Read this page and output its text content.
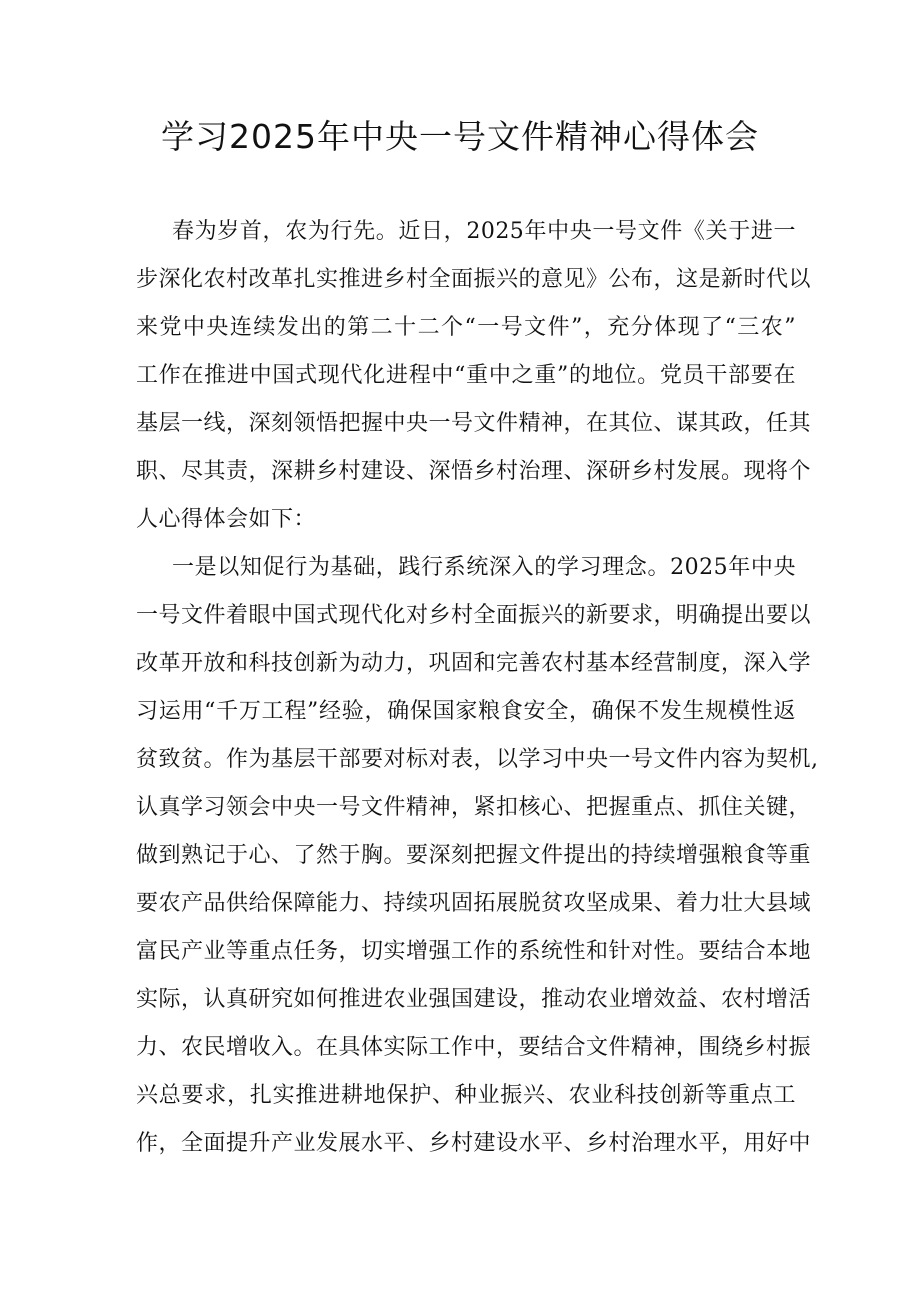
学习2025年中央一号文件精神心得体会
春为岁首，农为行先。近日，2025年中央一号文件《关于进一
步深化农村改革扎实推进乡村全面振兴的意见》公布，这是新时代以
来党中央连续发出的第二十二个“一号文件”，充分体现了“三农”
工作在推进中国式现代化进程中“重中之重”的地位。党员干部要在
基层一线，深刻领悟把握中央一号文件精神，在其位、谋其政，任其
职、尽其责，深耕乡村建设、深悟乡村治理、深研乡村发展。现将个
人心得体会如下：
一是以知促行为基础，践行系统深入的学习理念。2025年中央
一号文件着眼中国式现代化对乡村全面振兴的新要求，明确提出要以
改革开放和科技创新为动力，巩固和完善农村基本经营制度，深入学
习运用“千万工程”经验，确保国家粮食安全，确保不发生规模性返
贫致贫。作为基层干部要对标对表，以学习中央一号文件内容为契机,
认真学习领会中央一号文件精神，紧扣核心、把握重点、抓住关键，
做到熟记于心、了然于胸。要深刻把握文件提出的持续增强粮食等重
要农产品供给保障能力、持续巩固拓展脱贫攻坚成果、着力壮大县域
富民产业等重点任务，切实增强工作的系统性和针对性。要结合本地
实际，认真研究如何推进农业强国建设，推动农业增效益、农村增活
力、农民增收入。在具体实际工作中，要结合文件精神，围绕乡村振
兴总要求，扎实推进耕地保护、种业振兴、农业科技创新等重点工
作，全面提升产业发展水平、乡村建设水平、乡村治理水平，用好中
